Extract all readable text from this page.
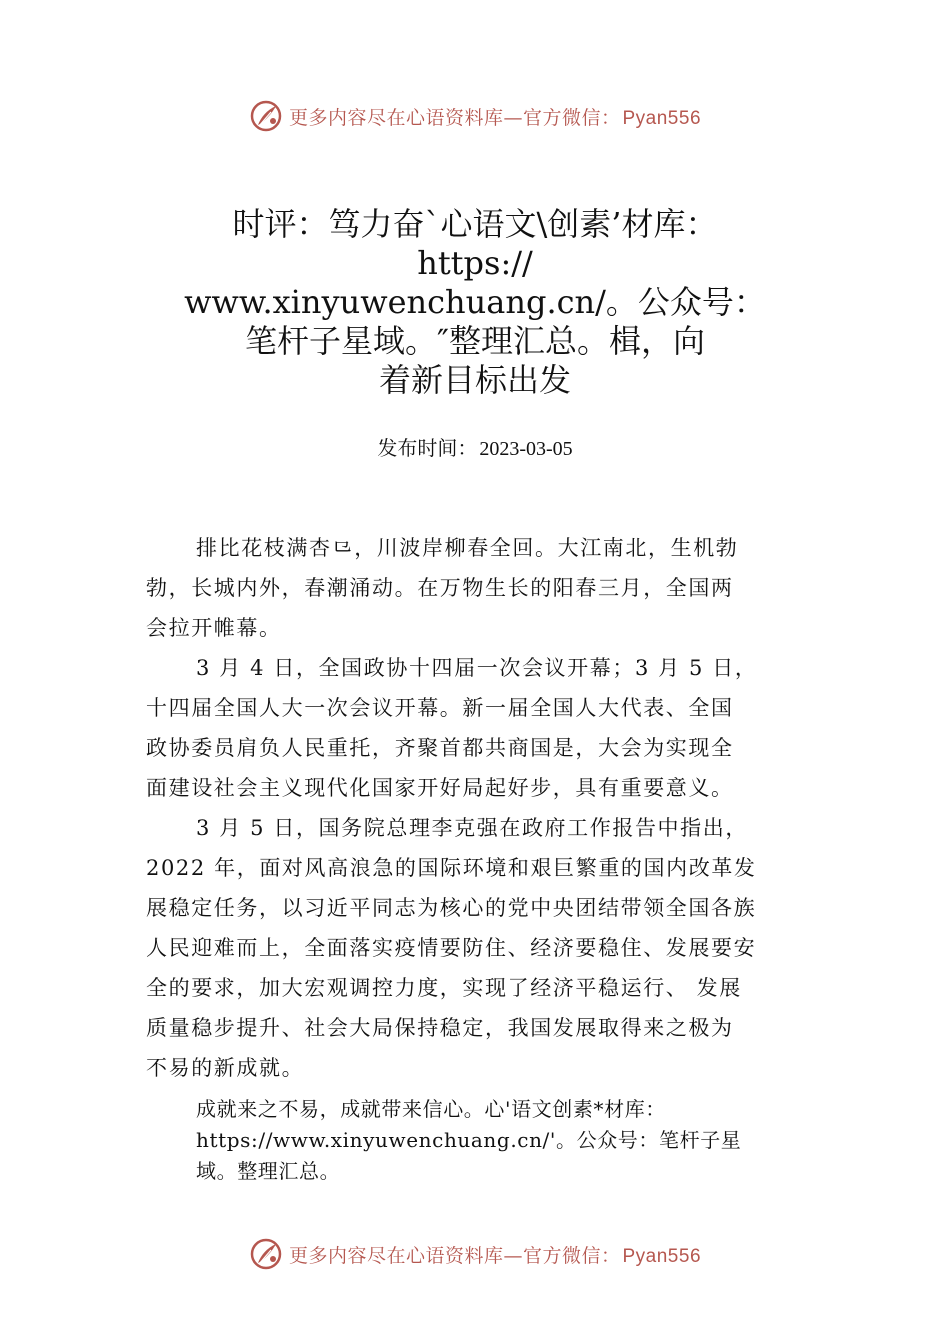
更多内容尽在心语资料库—官方微信： Pyan556
时评：笃力奋`心语文\创素’材库：
https://
www.xinyuwenchuang.cn/。公众号：
笔杆子星域。″整理汇总。楫，向
着新目标出发
发布时间： 2023-03-05

排比花枝满杏⺋，川波岸柳春全回。大江南北，生机勃
勃，长城内外，春潮涌动。在万物生长的阳春三月，全国两
会拉开帷幕。

3 月 4 日，全国政协十四届一次会议开幕；3 月 5 日，
十四届全国人大一次会议开幕。新一届全国人大代表、全国
政协委员肩负人民重托，齐聚首都共商国是，大会为实现全
面建设社会主义现代化国家开好局起好步，具有重要意义。

3 月 5 日，国务院总理李克强在政府工作报告中指出，
2022 年，面对风高浪急的国际环境和艰巨繁重的国内改革发
展稳定任务，以习近平同志为核心的党中央团结带领全国各族
人民迎难而上，全面落实疫情要防住、经济要稳住、发展要安
全的要求，加大宏观调控力度，实现了经济平稳运行、 发展
质量稳步提升、社会大局保持稳定，我国发展取得来之极为
不易的新成就。

成就来之不易，成就带来信心。心'语文创素*材库：
https://www.xinyuwenchuang.cn/'。公众号：笔杆子星
域。整理汇总。
更多内容尽在心语资料库—官方微信： Pyan556
